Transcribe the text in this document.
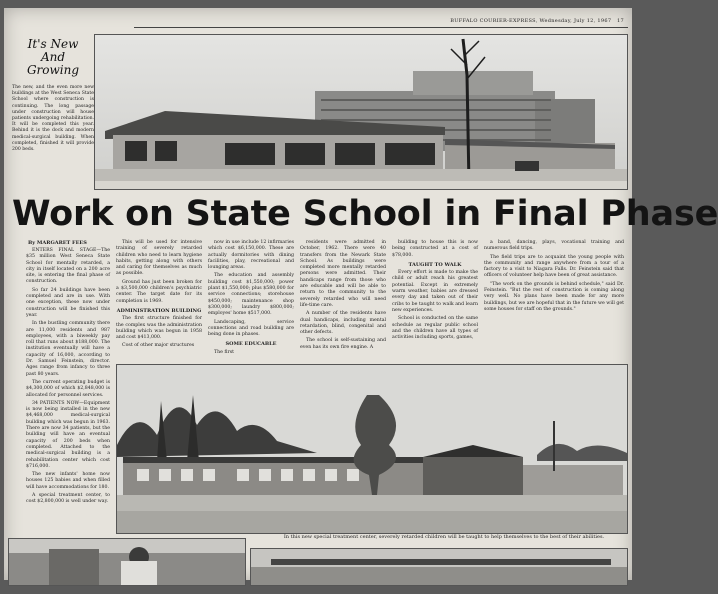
BUFFALO COURIER-EXPRESS, Wednesday, July 12, 1967 17
It's New
And
Growing
The new, and the even more new buildings at the West Seneca State School where construction is continuing. The long passage under construction will house patients undergoing rehabilitation. It will be completed this year. Behind it is the dock and modern medical-surgical building. When completed, finished it will provide 200 beds.
Work on State School in Final Phase
By MARGARET FEES

ENTERS FINAL STAGE—The $35 million West Seneca State School for mentally retarded, a city in itself located on a 200 acre site, is entering the final phase of construction.

So far 24 buildings have been completed and are in use. With one exception, these now under construction will be finished this year.

In the bustling community there are 11,000 residents and 987 employees, with a biweekly pay roll that runs about $188,000. The institution eventually will have a capacity of 16,000, according to Dr. Samuel Feinstein, director. Ages range from infancy to three past 80 years.

The current operating budget is $4,300,000 of which $2,848,000 is allocated for personnel services.

34 PATIENTS NOW—Equipment is now being installed in the new $4,468,000 medical-surgical building which was begun in 1963. There are now 34 patients, but the building will have an eventual capacity of 200 beds when completed. Attached to the medical-surgical building is a rehabilitation center which cost $716,000.

The new infants' home now houses 125 babies and when filled will have accommodations for 180.

A special treatment center, to cost $2,800,000 is well under way.

This will be used for intensive training of severely retarded children who need to learn hygiene habits, getting along with others and caring for themselves as much as possible.

Ground has just been broken for a $3,500,000 children's psychiatric center. The target date for its completion is 1969.

ADMINISTRATION BUILDING

The first structure finished for the complex was the administration building which was begun in 1958 and cost $413,000.

Cost of other major structures

now in use include 12 infirmaries which cost $6,150,000. These are actually dormitories with dining facilities, play, recreational and lounging areas.

The education and assembly building cost $1,550,000; power plant $1,550,000; plus $580,000 for service connections; storehouse $450,000; maintenance shop $300,000; laundry $800,000; employes' home $517,000.

Landscaping, service connections and road building are being done in phases.

SOME EDUCABLE

The first

residents were admitted in October, 1962. There were 40 transfers from the Newark State School. As buildings were completed more mentally retarded persons were admitted. Their handicaps range from those who are educable and will be able to return to the community to the severely retarded who will need life-time care.

A number of the residents have dual handicaps, including mental retardation, blind, congenital and other defects.

The school is self-sustaining and even has its own fire engine. A

building to house this is now being constructed at a cost of $78,000.

TAUGHT TO WALK

Every effort is made to make the child or adult reach his greatest potential. Except in extremely warm weather, babies are dressed every day and taken out of their cribs to be taught to walk and learn new experiences.

School is conducted on the same schedule as regular public school and the children have all types of activities including sports, games,

a band, dancing, plays, vocational training and numerous field trips.

The field trips are to acquaint the young people with the community and range anywhere from a tour of a factory to a visit to Niagara Falls. Dr. Feinstein said that officers of volunteer help have been of great assistance.

"The work on the grounds is behind schedule," said Dr. Feinstein. "But the rest of construction is coming along very well. No plans have been made for any more buildings, but we are hopeful that in the future we will get some houses for staff on the grounds."

In this new special treatment center, severely retarded children will be taught to help themselves to the best of their abilities.
